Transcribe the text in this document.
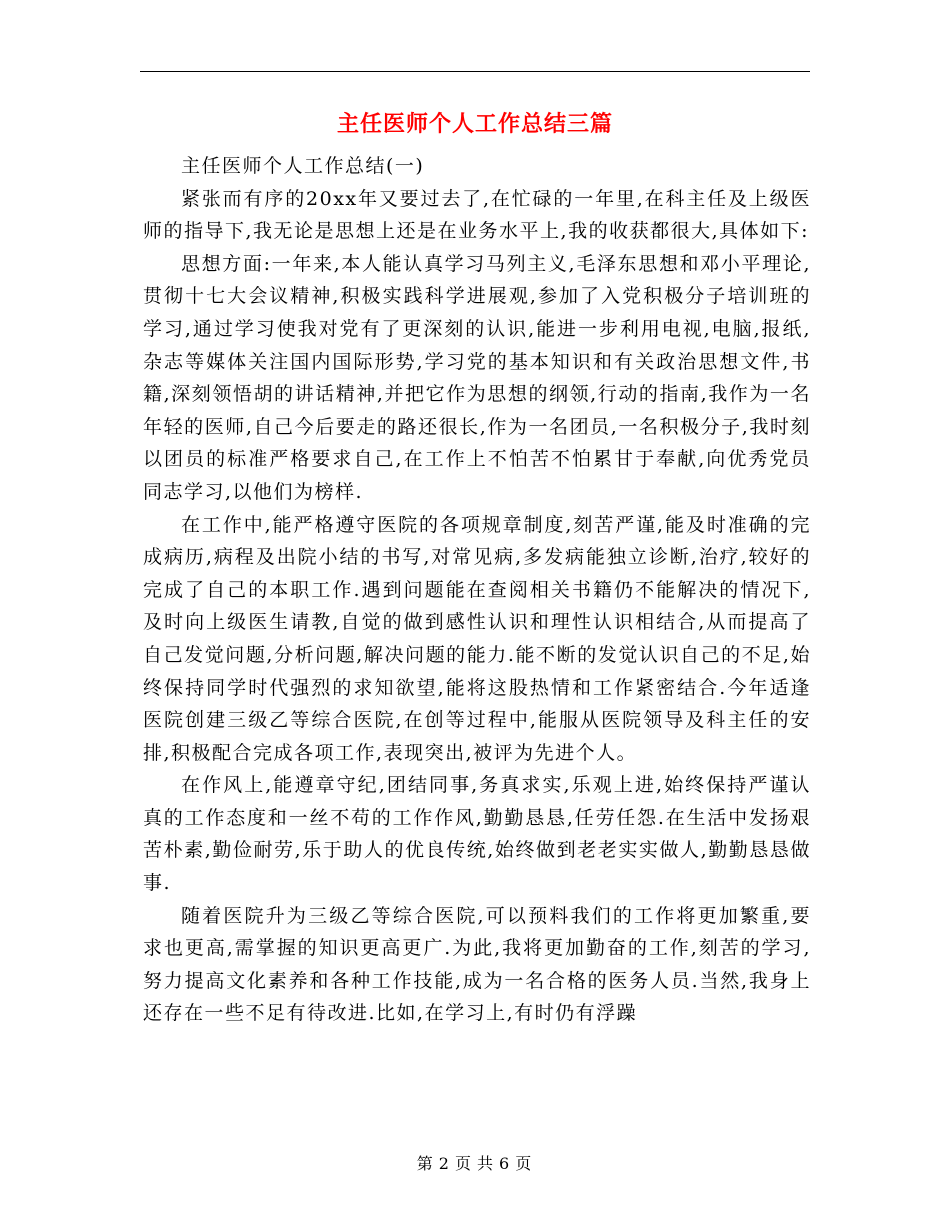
主任医师个人工作总结三篇

主任医师个人工作总结(一)

紧张而有序的20xx年又要过去了,在忙碌的一年里,在科主任及上级医师的指导下,我无论是思想上还是在业务水平上,我的收获都很大,具体如下:

思想方面:一年来,本人能认真学习马列主义,毛泽东思想和邓小平理论,贯彻十七大会议精神,积极实践科学进展观,参加了入党积极分子培训班的学习,通过学习使我对党有了更深刻的认识,能进一步利用电视,电脑,报纸,杂志等媒体关注国内国际形势,学习党的基本知识和有关政治思想文件,书籍,深刻领悟胡的讲话精神,并把它作为思想的纲领,行动的指南,我作为一名年轻的医师,自己今后要走的路还很长,作为一名团员,一名积极分子,我时刻以团员的标准严格要求自己,在工作上不怕苦不怕累甘于奉献,向优秀党员同志学习,以他们为榜样.

在工作中,能严格遵守医院的各项规章制度,刻苦严谨,能及时准确的完成病历,病程及出院小结的书写,对常见病,多发病能独立诊断,治疗,较好的完成了自己的本职工作.遇到问题能在查阅相关书籍仍不能解决的情况下,及时向上级医生请教,自觉的做到感性认识和理性认识相结合,从而提高了自己发觉问题,分析问题,解决问题的能力.能不断的发觉认识自己的不足,始终保持同学时代强烈的求知欲望,能将这股热情和工作紧密结合.今年适逢医院创建三级乙等综合医院,在创等过程中,能服从医院领导及科主任的安排,积极配合完成各项工作,表现突出,被评为先进个人。

在作风上,能遵章守纪,团结同事,务真求实,乐观上进,始终保持严谨认真的工作态度和一丝不苟的工作作风,勤勤恳恳,任劳任怨.在生活中发扬艰苦朴素,勤俭耐劳,乐于助人的优良传统,始终做到老老实实做人,勤勤恳恳做事.

随着医院升为三级乙等综合医院,可以预料我们的工作将更加繁重,要求也更高,需掌握的知识更高更广.为此,我将更加勤奋的工作,刻苦的学习,努力提高文化素养和各种工作技能,成为一名合格的医务人员.当然,我身上还存在一些不足有待改进.比如,在学习上,有时仍有浮躁

第 2 页 共 6 页
